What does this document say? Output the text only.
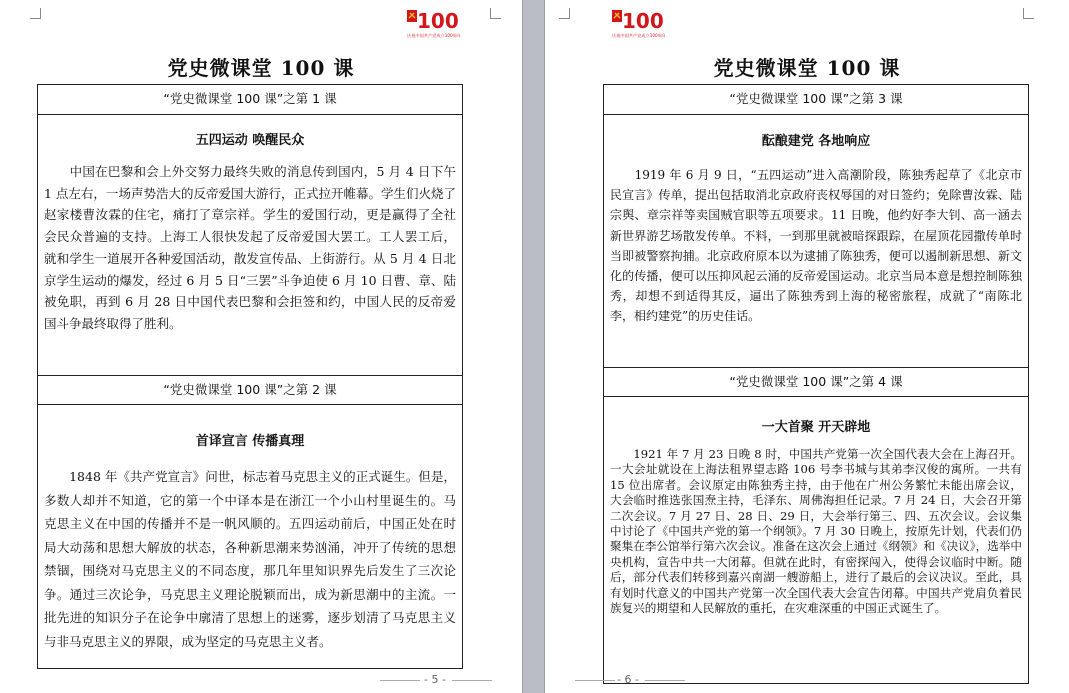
100
庆祝中国共产党成立100周年
党史微课堂 100 课
“党史微课堂 100 课”之第 1 课
五四运动 唤醒民众
　　中国在巴黎和会上外交努力最终失败的消息传到国内，5 月 4 日下午 1 点左右，一场声势浩大的反帝爱国大游行，正式拉开帷幕。学生们火烧了赵家楼曹汝霖的住宅，痛打了章宗祥。学生的爱国行动，更是赢得了全社会民众普遍的支持。上海工人很快发起了反帝爱国大罢工。工人罢工后，就和学生一道展开各种爱国活动，散发宣传品、上街游行。从 5 月 4 日北京学生运动的爆发，经过 6 月 5 日“三罢”斗争迫使 6 月 10 日曹、章、陆被免职，再到 6 月 28 日中国代表巴黎和会拒签和约，中国人民的反帝爱国斗争最终取得了胜利。
“党史微课堂 100 课”之第 2 课
首译宣言 传播真理
　　1848 年《共产党宣言》问世，标志着马克思主义的正式诞生。但是，多数人却并不知道，它的第一个中译本是在浙江一个小山村里诞生的。马克思主义在中国的传播并不是一帆风顺的。五四运动前后，中国正处在时局大动荡和思想大解放的状态，各种新思潮来势汹涌，冲开了传统的思想禁锢，围绕对马克思主义的不同态度，那几年里知识界先后发生了三次论争。通过三次论争，马克思主义理论脱颖而出，成为新思潮中的主流。一批先进的知识分子在论争中廓清了思想上的迷雾，逐步划清了马克思主义与非马克思主义的界限，成为坚定的马克思主义者。
- 5 -
100
庆祝中国共产党成立100周年
党史微课堂 100 课
“党史微课堂 100 课”之第 3 课
酝酿建党 各地响应
　　1919 年 6 月 9 日，“五四运动”进入高潮阶段，陈独秀起草了《北京市民宣言》传单，提出包括取消北京政府丧权辱国的对日签约；免除曹汝霖、陆宗舆、章宗祥等卖国贼官职等五项要求。11 日晚，他约好李大钊、高一涵去新世界游艺场散发传单。不料，一到那里就被暗探跟踪，在屋顶花园撒传单时当即被警察拘捕。北京政府原本以为逮捕了陈独秀，便可以遏制新思想、新文化的传播，便可以压抑风起云涌的反帝爱国运动。北京当局本意是想控制陈独秀，却想不到适得其反，逼出了陈独秀到上海的秘密旅程，成就了“南陈北李，相约建党”的历史佳话。
“党史微课堂 100 课”之第 4 课
一大首聚 开天辟地
　　1921 年 7 月 23 日晚 8 时，中国共产党第一次全国代表大会在上海召开。一大会址就设在上海法租界望志路 106 号李书城与其弟李汉俊的寓所。一共有 15 位出席者。会议原定由陈独秀主持，由于他在广州公务繁忙未能出席会议，大会临时推选张国焘主持，毛泽东、周佛海担任记录。7 月 24 日，大会召开第二次会议。7 月 27 日、28 日、29 日，大会举行第三、四、五次会议。会议集中讨论了《中国共产党的第一个纲领》。7 月 30 日晚上，按原先计划，代表们仍聚集在李公馆举行第六次会议。准备在这次会上通过《纲领》和《决议》，选举中央机构，宣告中共一大闭幕。但就在此时，有密探闯入，使得会议临时中断。随后，部分代表们转移到嘉兴南湖一艘游船上，进行了最后的会议决议。至此，具有划时代意义的中国共产党第一次全国代表大会宣告闭幕。中国共产党肩负着民族复兴的期望和人民解放的重托，在灾难深重的中国正式诞生了。
- 6 -
